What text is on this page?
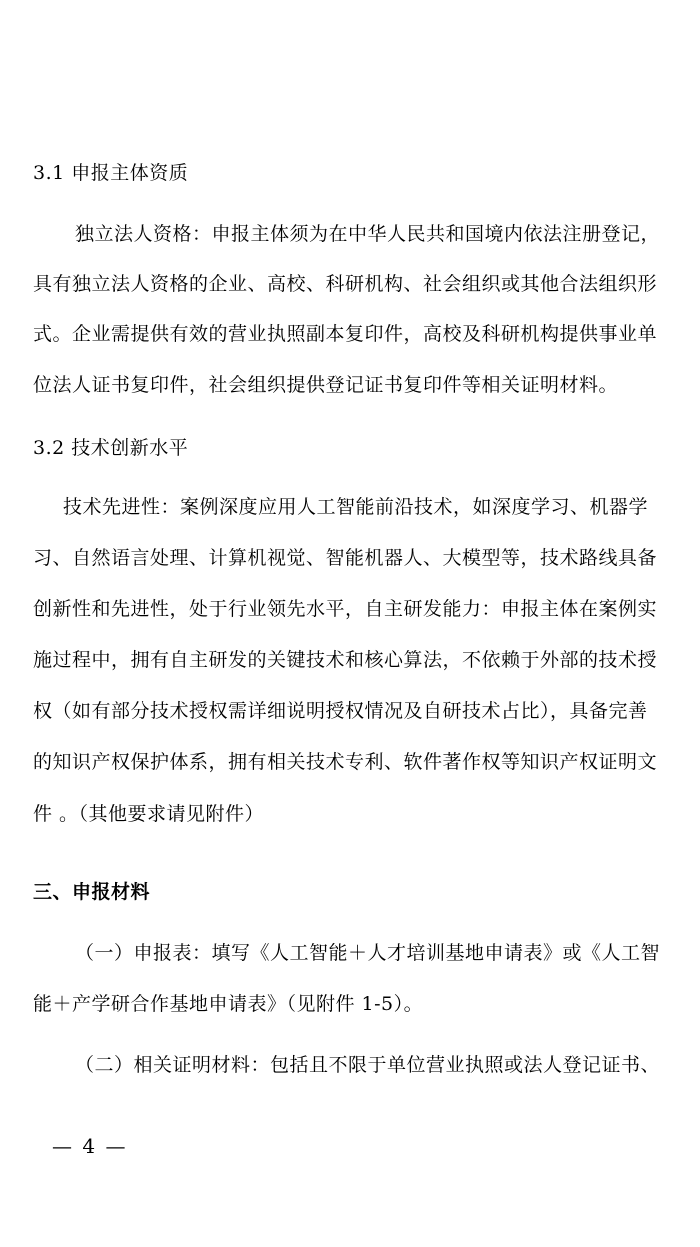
3.1 申报主体资质
独立法人资格：申报主体须为在中华人民共和国境内依法注册登记，
具有独立法人资格的企业、高校、科研机构、社会组织或其他合法组织形
式。企业需提供有效的营业执照副本复印件，高校及科研机构提供事业单
位法人证书复印件，社会组织提供登记证书复印件等相关证明材料。
3.2 技术创新水平
技术先进性：案例深度应用人工智能前沿技术，如深度学习、机器学
习、自然语言处理、计算机视觉、智能机器人、大模型等，技术路线具备
创新性和先进性，处于行业领先水平，自主研发能力：申报主体在案例实
施过程中，拥有自主研发的关键技术和核心算法，不依赖于外部的技术授
权（如有部分技术授权需详细说明授权情况及自研技术占比），具备完善
的知识产权保护体系，拥有相关技术专利、软件著作权等知识产权证明文
件 。（其他要求请见附件）
三、申报材料
（一）申报表：填写《人工智能＋人才培训基地申请表》或《人工智
能＋产学研合作基地申请表》（见附件 1-5）。
（二）相关证明材料：包括且不限于单位营业执照或法人登记证书、
— 4 —
